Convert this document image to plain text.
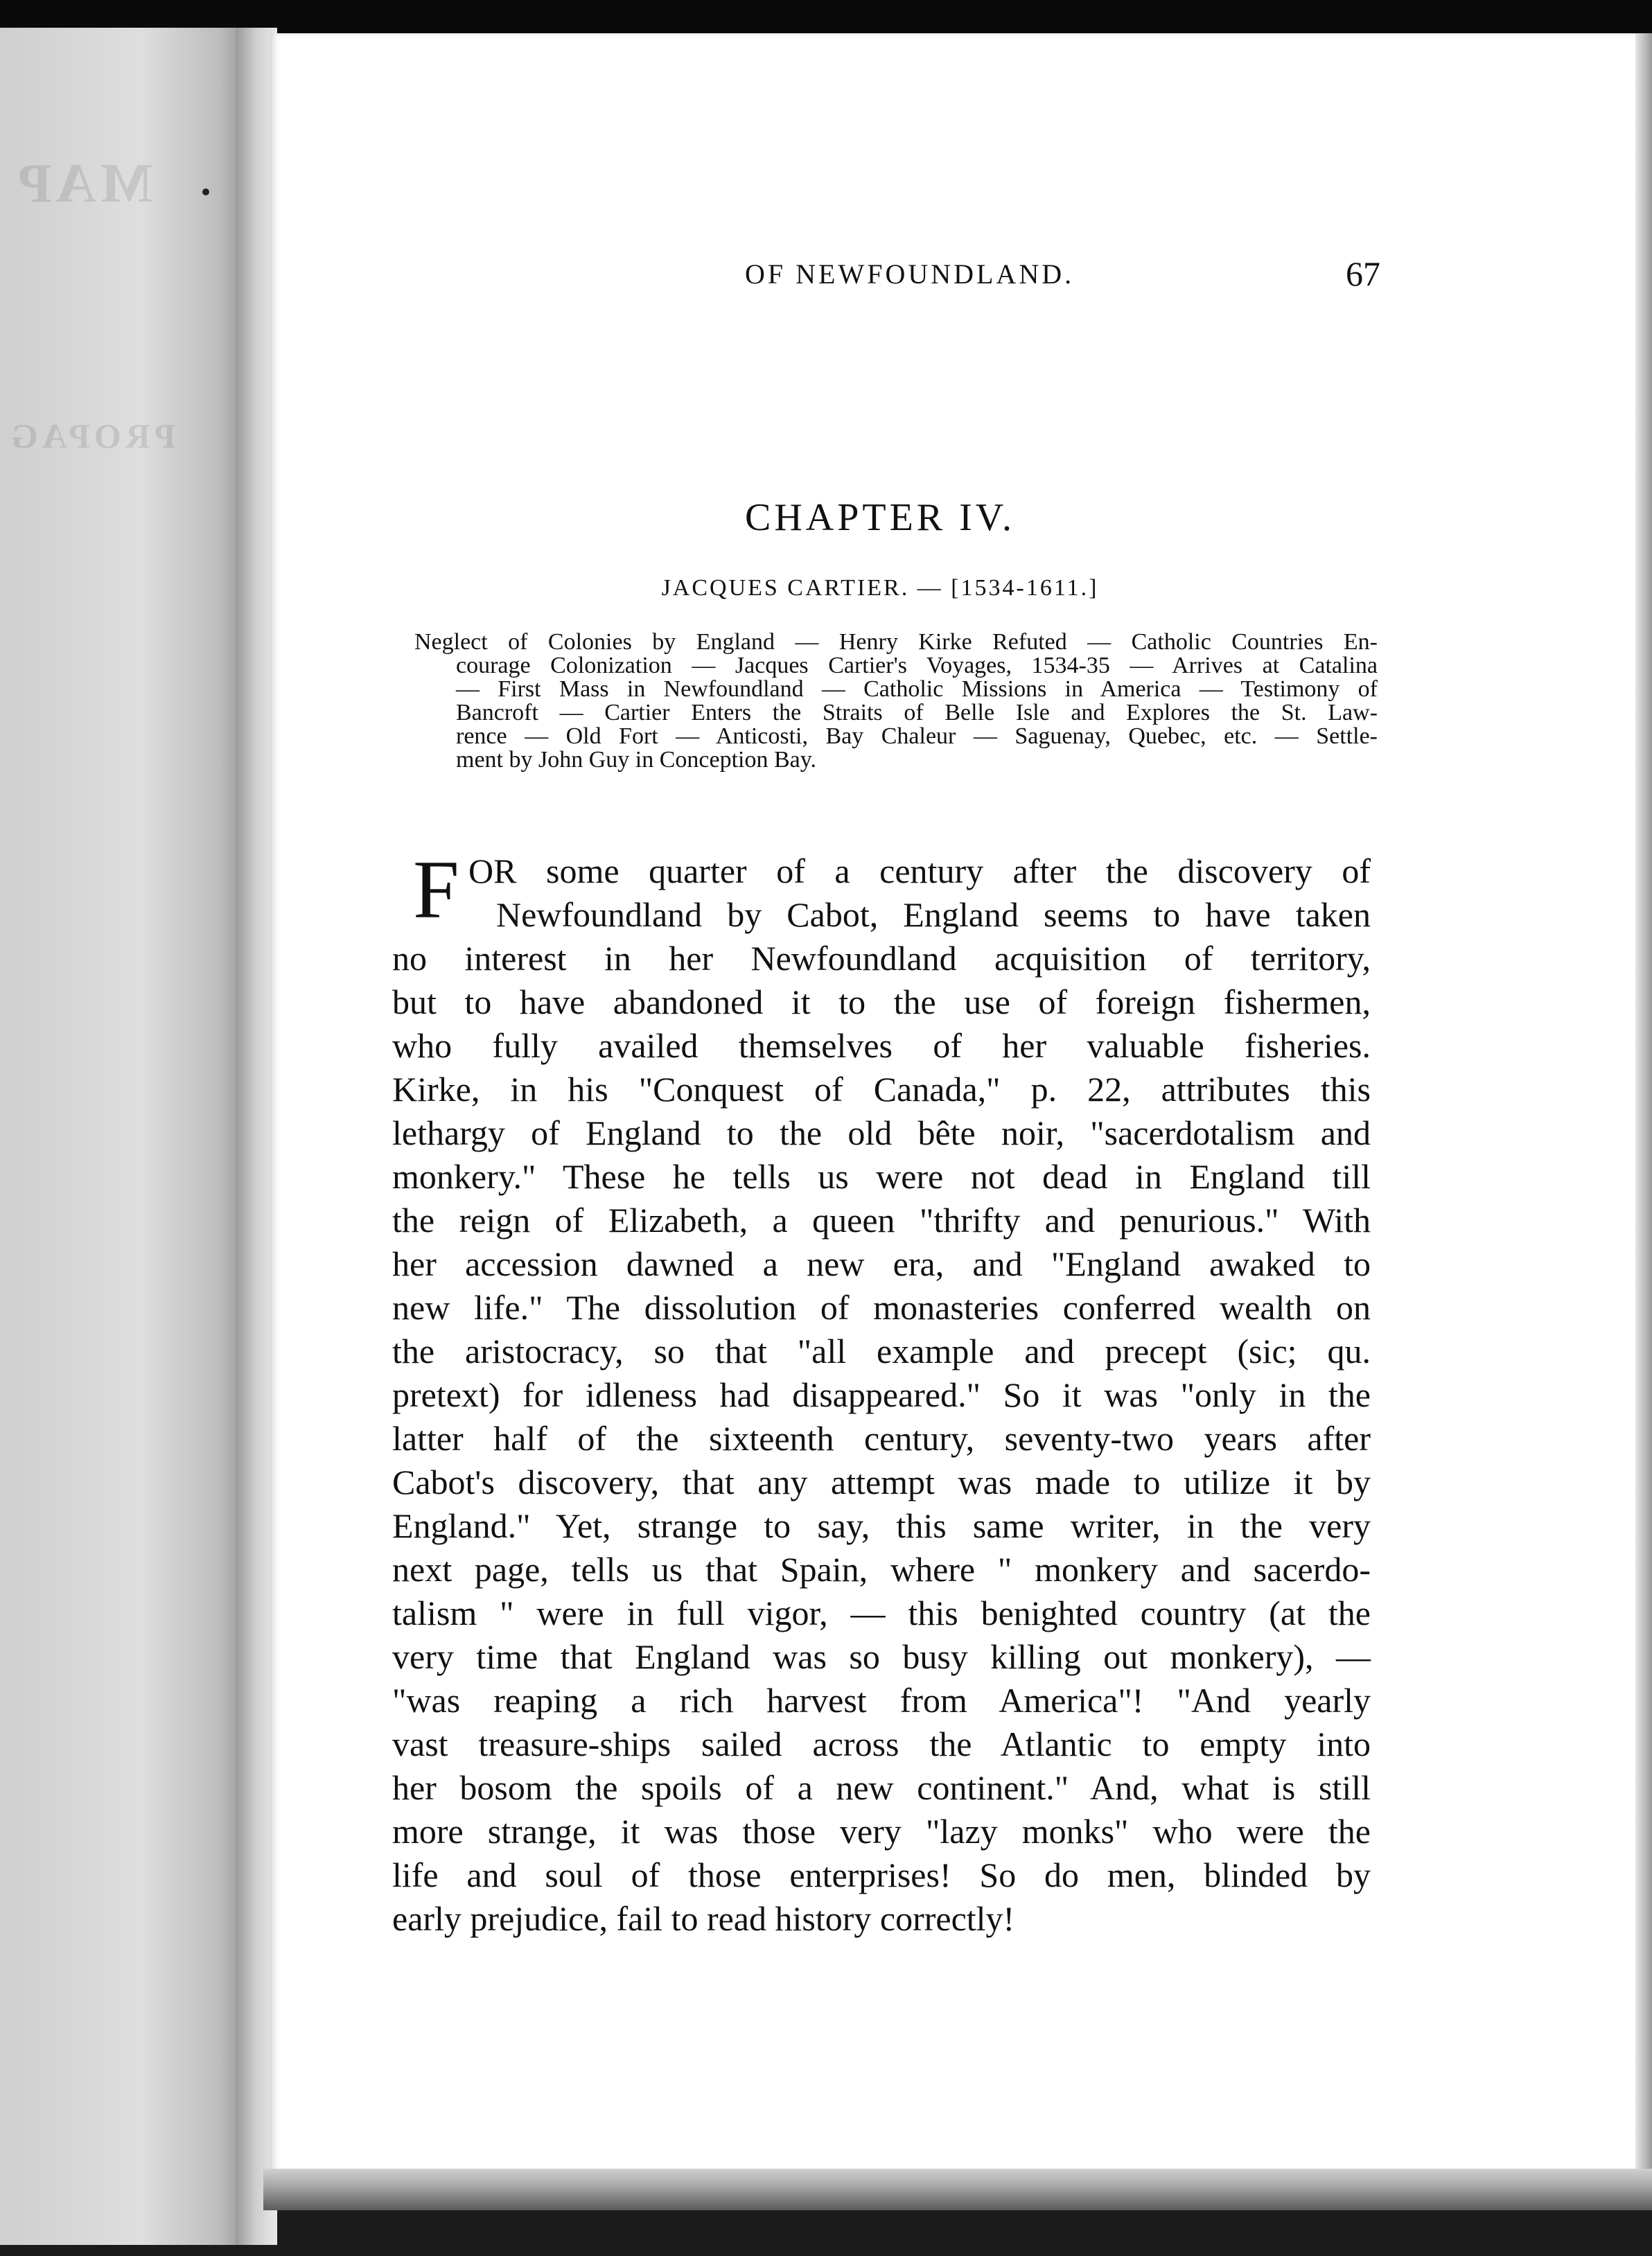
MAP
PROPAG
OF NEWFOUNDLAND.	67
CHAPTER IV.
JACQUES CARTIER. — [1534-1611.]
Neglect of Colonies by England — Henry Kirke Refuted — Catholic Countries En-
courage Colonization — Jacques Cartier's Voyages, 1534-35 — Arrives at Catalina
— First Mass in Newfoundland — Catholic Missions in America — Testimony of
Bancroft — Cartier Enters the Straits of Belle Isle and Explores the St. Law-
rence — Old Fort — Anticosti, Bay Chaleur — Saguenay, Quebec, etc. — Settle-
ment by John Guy in Conception Bay.
F OR some quarter of a century after the discovery of
Newfoundland by Cabot, England seems to have taken
no interest in her Newfoundland acquisition of territory,
but to have abandoned it to the use of foreign fishermen,
who fully availed themselves of her valuable fisheries.
Kirke, in his "Conquest of Canada," p. 22, attributes this
lethargy of England to the old bête noir, "sacerdotalism and
monkery." These he tells us were not dead in England till
the reign of Elizabeth, a queen "thrifty and penurious." With
her accession dawned a new era, and "England awaked to
new life." The dissolution of monasteries conferred wealth on
the aristocracy, so that "all example and precept (sic; qu.
pretext) for idleness had disappeared." So it was "only in the
latter half of the sixteenth century, seventy-two years after
Cabot's discovery, that any attempt was made to utilize it by
England." Yet, strange to say, this same writer, in the very
next page, tells us that Spain, where " monkery and sacerdo-
talism " were in full vigor, — this benighted country (at the
very time that England was so busy killing out monkery), —
"was reaping a rich harvest from America"! "And yearly
vast treasure-ships sailed across the Atlantic to empty into
her bosom the spoils of a new continent." And, what is still
more strange, it was those very "lazy monks" who were the
life and soul of those enterprises! So do men, blinded by
early prejudice, fail to read history correctly!
